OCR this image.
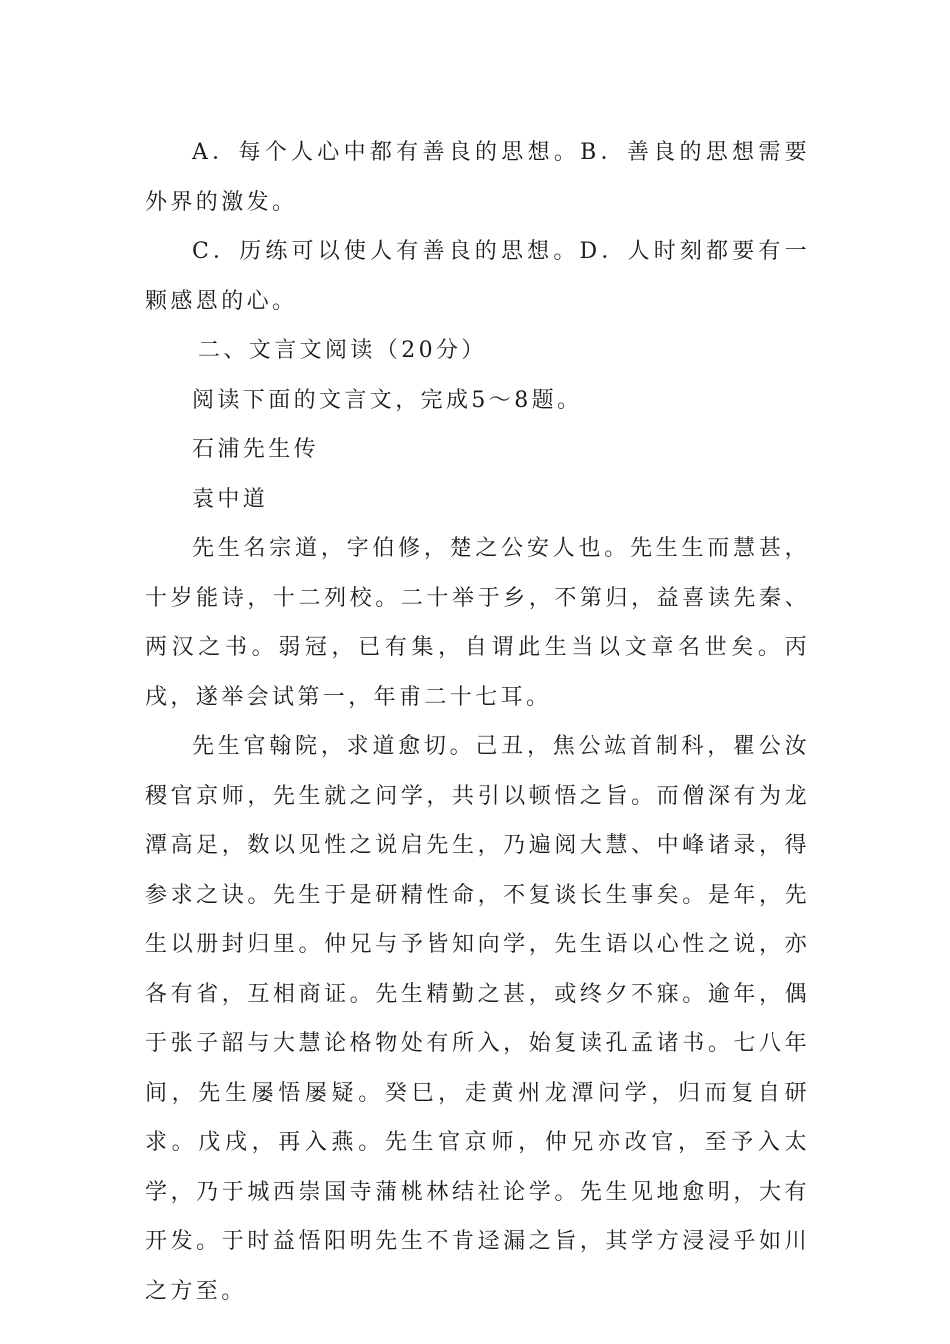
A．每个人心中都有善良的思想。B．善良的思想需要外界的激发。

C．历练可以使人有善良的思想。D．人时刻都要有一颗感恩的心。

二、文言文阅读（20分）

阅读下面的文言文，完成5～8题。

石浦先生传

袁中道

先生名宗道，字伯修，楚之公安人也。先生生而慧甚，十岁能诗，十二列校。二十举于乡，不第归，益喜读先秦、两汉之书。弱冠，已有集，自谓此生当以文章名世矣。丙戌，遂举会试第一，年甫二十七耳。

先生官翰院，求道愈切。己丑，焦公竑首制科，瞿公汝稷官京师，先生就之问学，共引以顿悟之旨。而僧深有为龙潭高足，数以见性之说启先生，乃遍阅大慧、中峰诸录，得参求之诀。先生于是研精性命，不复谈长生事矣。是年，先生以册封归里。仲兄与予皆知向学，先生语以心性之说，亦各有省，互相商证。先生精勤之甚，或终夕不寐。逾年，偶于张子韶与大慧论格物处有所入，始复读孔孟诸书。七八年间，先生屡悟屡疑。癸巳，走黄州龙潭问学，归而复自研求。戊戌，再入燕。先生官京师，仲兄亦改官，至予入太学，乃于城西崇国寺蒲桃林结社论学。先生见地愈明，大有开发。于时益悟阳明先生不肯迳漏之旨，其学方浸浸乎如川之方至。
